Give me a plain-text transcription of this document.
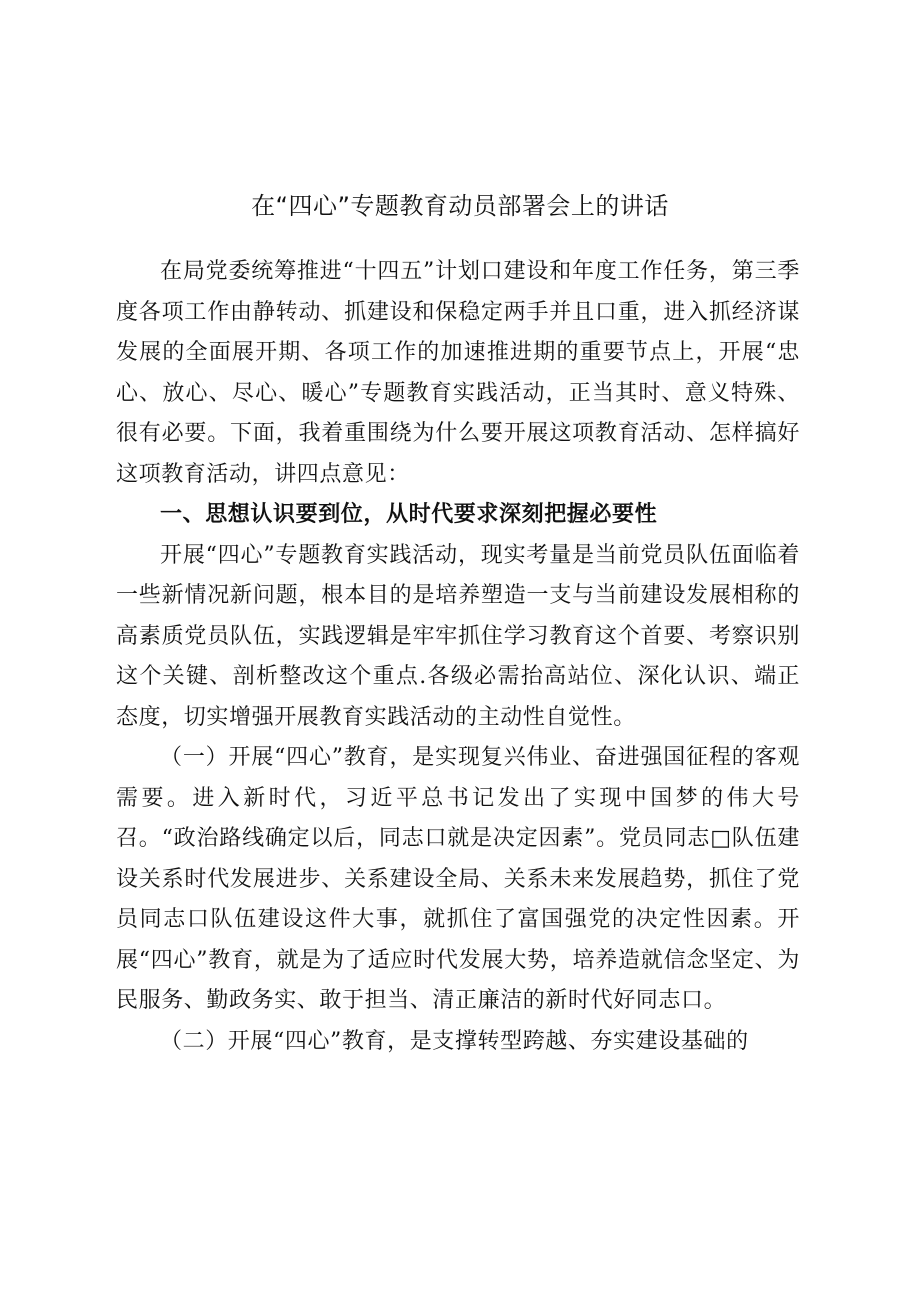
在“四心”专题教育动员部署会上的讲话

在局党委统筹推进“十四五”计划口建设和年度工作任务，第三季度各项工作由静转动、抓建设和保稳定两手并且口重，进入抓经济谋发展的全面展开期、各项工作的加速推进期的重要节点上，开展“忠心、放心、尽心、暖心”专题教育实践活动，正当其时、意义特殊、很有必要。下面，我着重围绕为什么要开展这项教育活动、怎样搞好这项教育活动，讲四点意见：

一、思想认识要到位，从时代要求深刻把握必要性

开展“四心”专题教育实践活动，现实考量是当前党员队伍面临着一些新情况新问题，根本目的是培养塑造一支与当前建设发展相称的高素质党员队伍，实践逻辑是牢牢抓住学习教育这个首要、考察识别这个关键、剖析整改这个重点.各级必需抬高站位、深化认识、端正态度，切实增强开展教育实践活动的主动性自觉性。

（一）开展“四心”教育，是实现复兴伟业、奋进强国征程的客观需要。进入新时代，习近平总书记发出了实现中国梦的伟大号召。“政治路线确定以后，同志口就是决定因素”。党员同志□队伍建设关系时代发展进步、关系建设全局、关系未来发展趋势，抓住了党员同志口队伍建设这件大事，就抓住了富国强党的决定性因素。开展“四心”教育，就是为了适应时代发展大势，培养造就信念坚定、为民服务、勤政务实、敢于担当、清正廉洁的新时代好同志口。

（二）开展“四心”教育，是支撑转型跨越、夯实建设基础的
